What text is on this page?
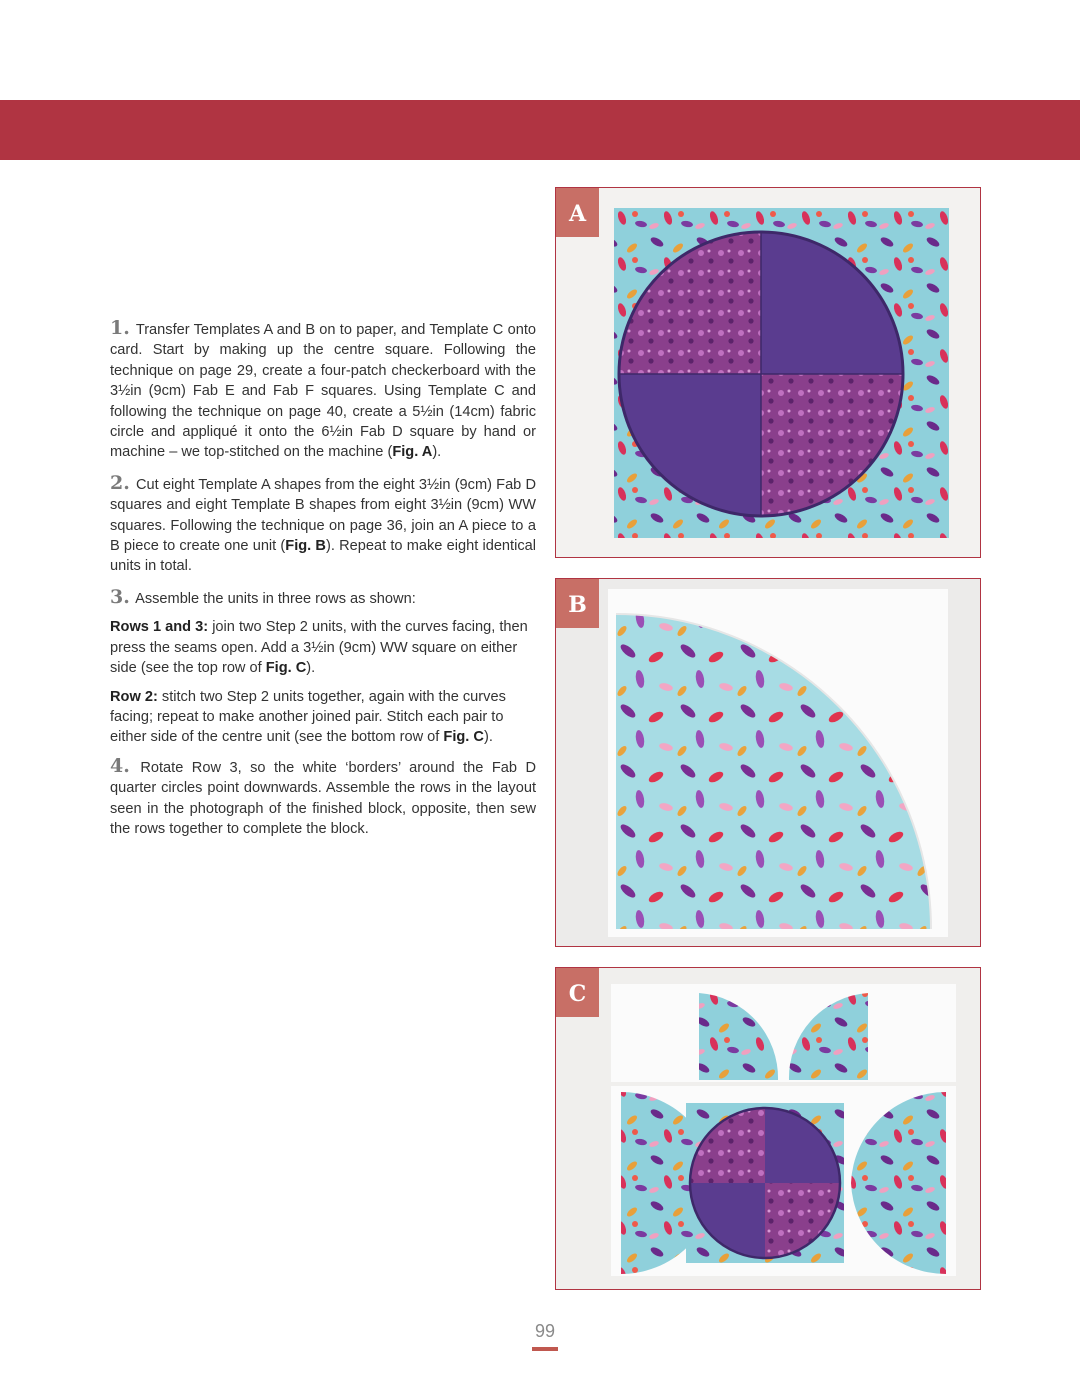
1. Transfer Templates A and B on to paper, and Template C onto card. Start by making up the centre square. Following the technique on page 29, create a four-patch checkerboard with the 3½in (9cm) Fab E and Fab F squares. Using Template C and following the technique on page 40, create a 5½in (14cm) fabric circle and appliqué it onto the 6½in Fab D square by hand or machine – we top-stitched on the machine (Fig. A).

2. Cut eight Template A shapes from the eight 3½in (9cm) Fab D squares and eight Template B shapes from eight 3½in (9cm) WW squares. Following the technique on page 36, join an A piece to a B piece to create one unit (Fig. B). Repeat to make eight identical units in total.

3. Assemble the units in three rows as shown:

Rows 1 and 3: join two Step 2 units, with the curves facing, then press the seams open. Add a 3½in (9cm) WW square on either side (see the top row of Fig. C).

Row 2: stitch two Step 2 units together, again with the curves facing; repeat to make another joined pair. Stitch each pair to either side of the centre unit (see the bottom row of Fig. C).

4. Rotate Row 3, so the white ‘borders’ around the Fab D quarter circles point downwards. Assemble the rows in the layout seen in the photograph of the finished block, opposite, then sew the rows together to complete the block.

A
B
C
99
